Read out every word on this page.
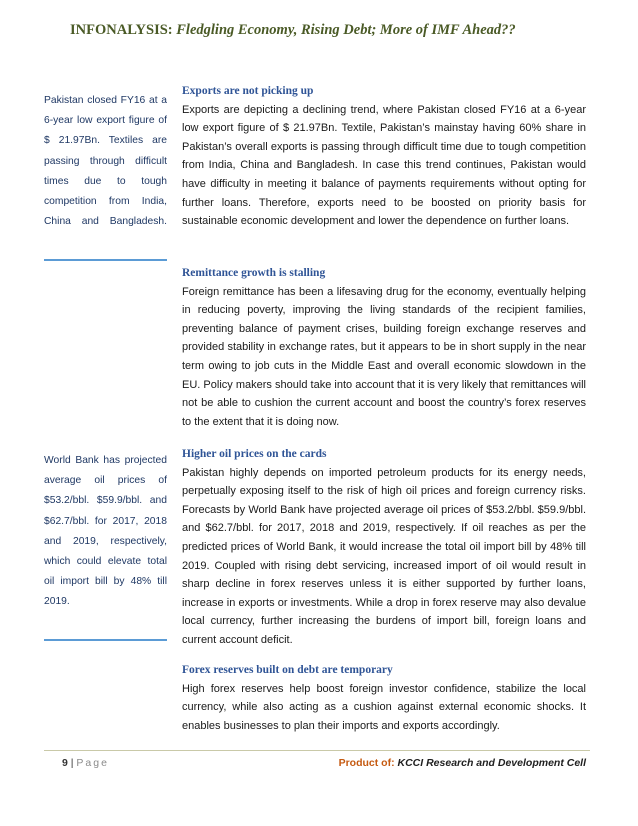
INFONALYSIS: Fledgling Economy, Rising Debt; More of IMF Ahead??

Pakistan closed FY16 at a 6-year low export figure of $ 21.97Bn. Textiles are passing through difficult times due to tough competition from India, China and Bangladesh.

World Bank has projected average oil prices of $53.2/bbl. $59.9/bbl. and $62.7/bbl. for 2017, 2018 and 2019, respectively, which could elevate total oil import bill by 48% till 2019.

Exports are not picking up

Exports are depicting a declining trend, where Pakistan closed FY16 at a 6-year low export figure of $ 21.97Bn. Textile, Pakistan’s mainstay having 60% share in Pakistan’s overall exports is passing through difficult time due to tough competition from India, China and Bangladesh. In case this trend continues, Pakistan would have difficulty in meeting it balance of payments requirements without opting for further loans. Therefore, exports need to be boosted on priority basis for sustainable economic development and lower the dependence on further loans.

Remittance growth is stalling

Foreign remittance has been a lifesaving drug for the economy, eventually helping in reducing poverty, improving the living standards of the recipient families, preventing balance of payment crises, building foreign exchange reserves and provided stability in exchange rates, but it appears to be in short supply in the near term owing to job cuts in the Middle East and overall economic slowdown in the EU. Policy makers should take into account that it is very likely that remittances will not be able to cushion the current account and boost the country’s forex reserves to the extent that it is doing now.

Higher oil prices on the cards

Pakistan highly depends on imported petroleum products for its energy needs, perpetually exposing itself to the risk of high oil prices and foreign currency risks. Forecasts by World Bank have projected average oil prices of $53.2/bbl. $59.9/bbl. and $62.7/bbl. for 2017, 2018 and 2019, respectively. If oil reaches as per the predicted prices of World Bank, it would increase the total oil import bill by 48% till 2019. Coupled with rising debt servicing, increased import of oil would result in sharp decline in forex reserves unless it is either supported by further loans, increase in exports or investments. While a drop in forex reserve may also devalue local currency, further increasing the burdens of import bill, foreign loans and current account deficit.

Forex reserves built on debt are temporary

High forex reserves help boost foreign investor confidence, stabilize the local currency, while also acting as a cushion against external economic shocks. It enables businesses to plan their imports and exports accordingly.

9 | Page	Product of: KCCI Research and Development Cell
